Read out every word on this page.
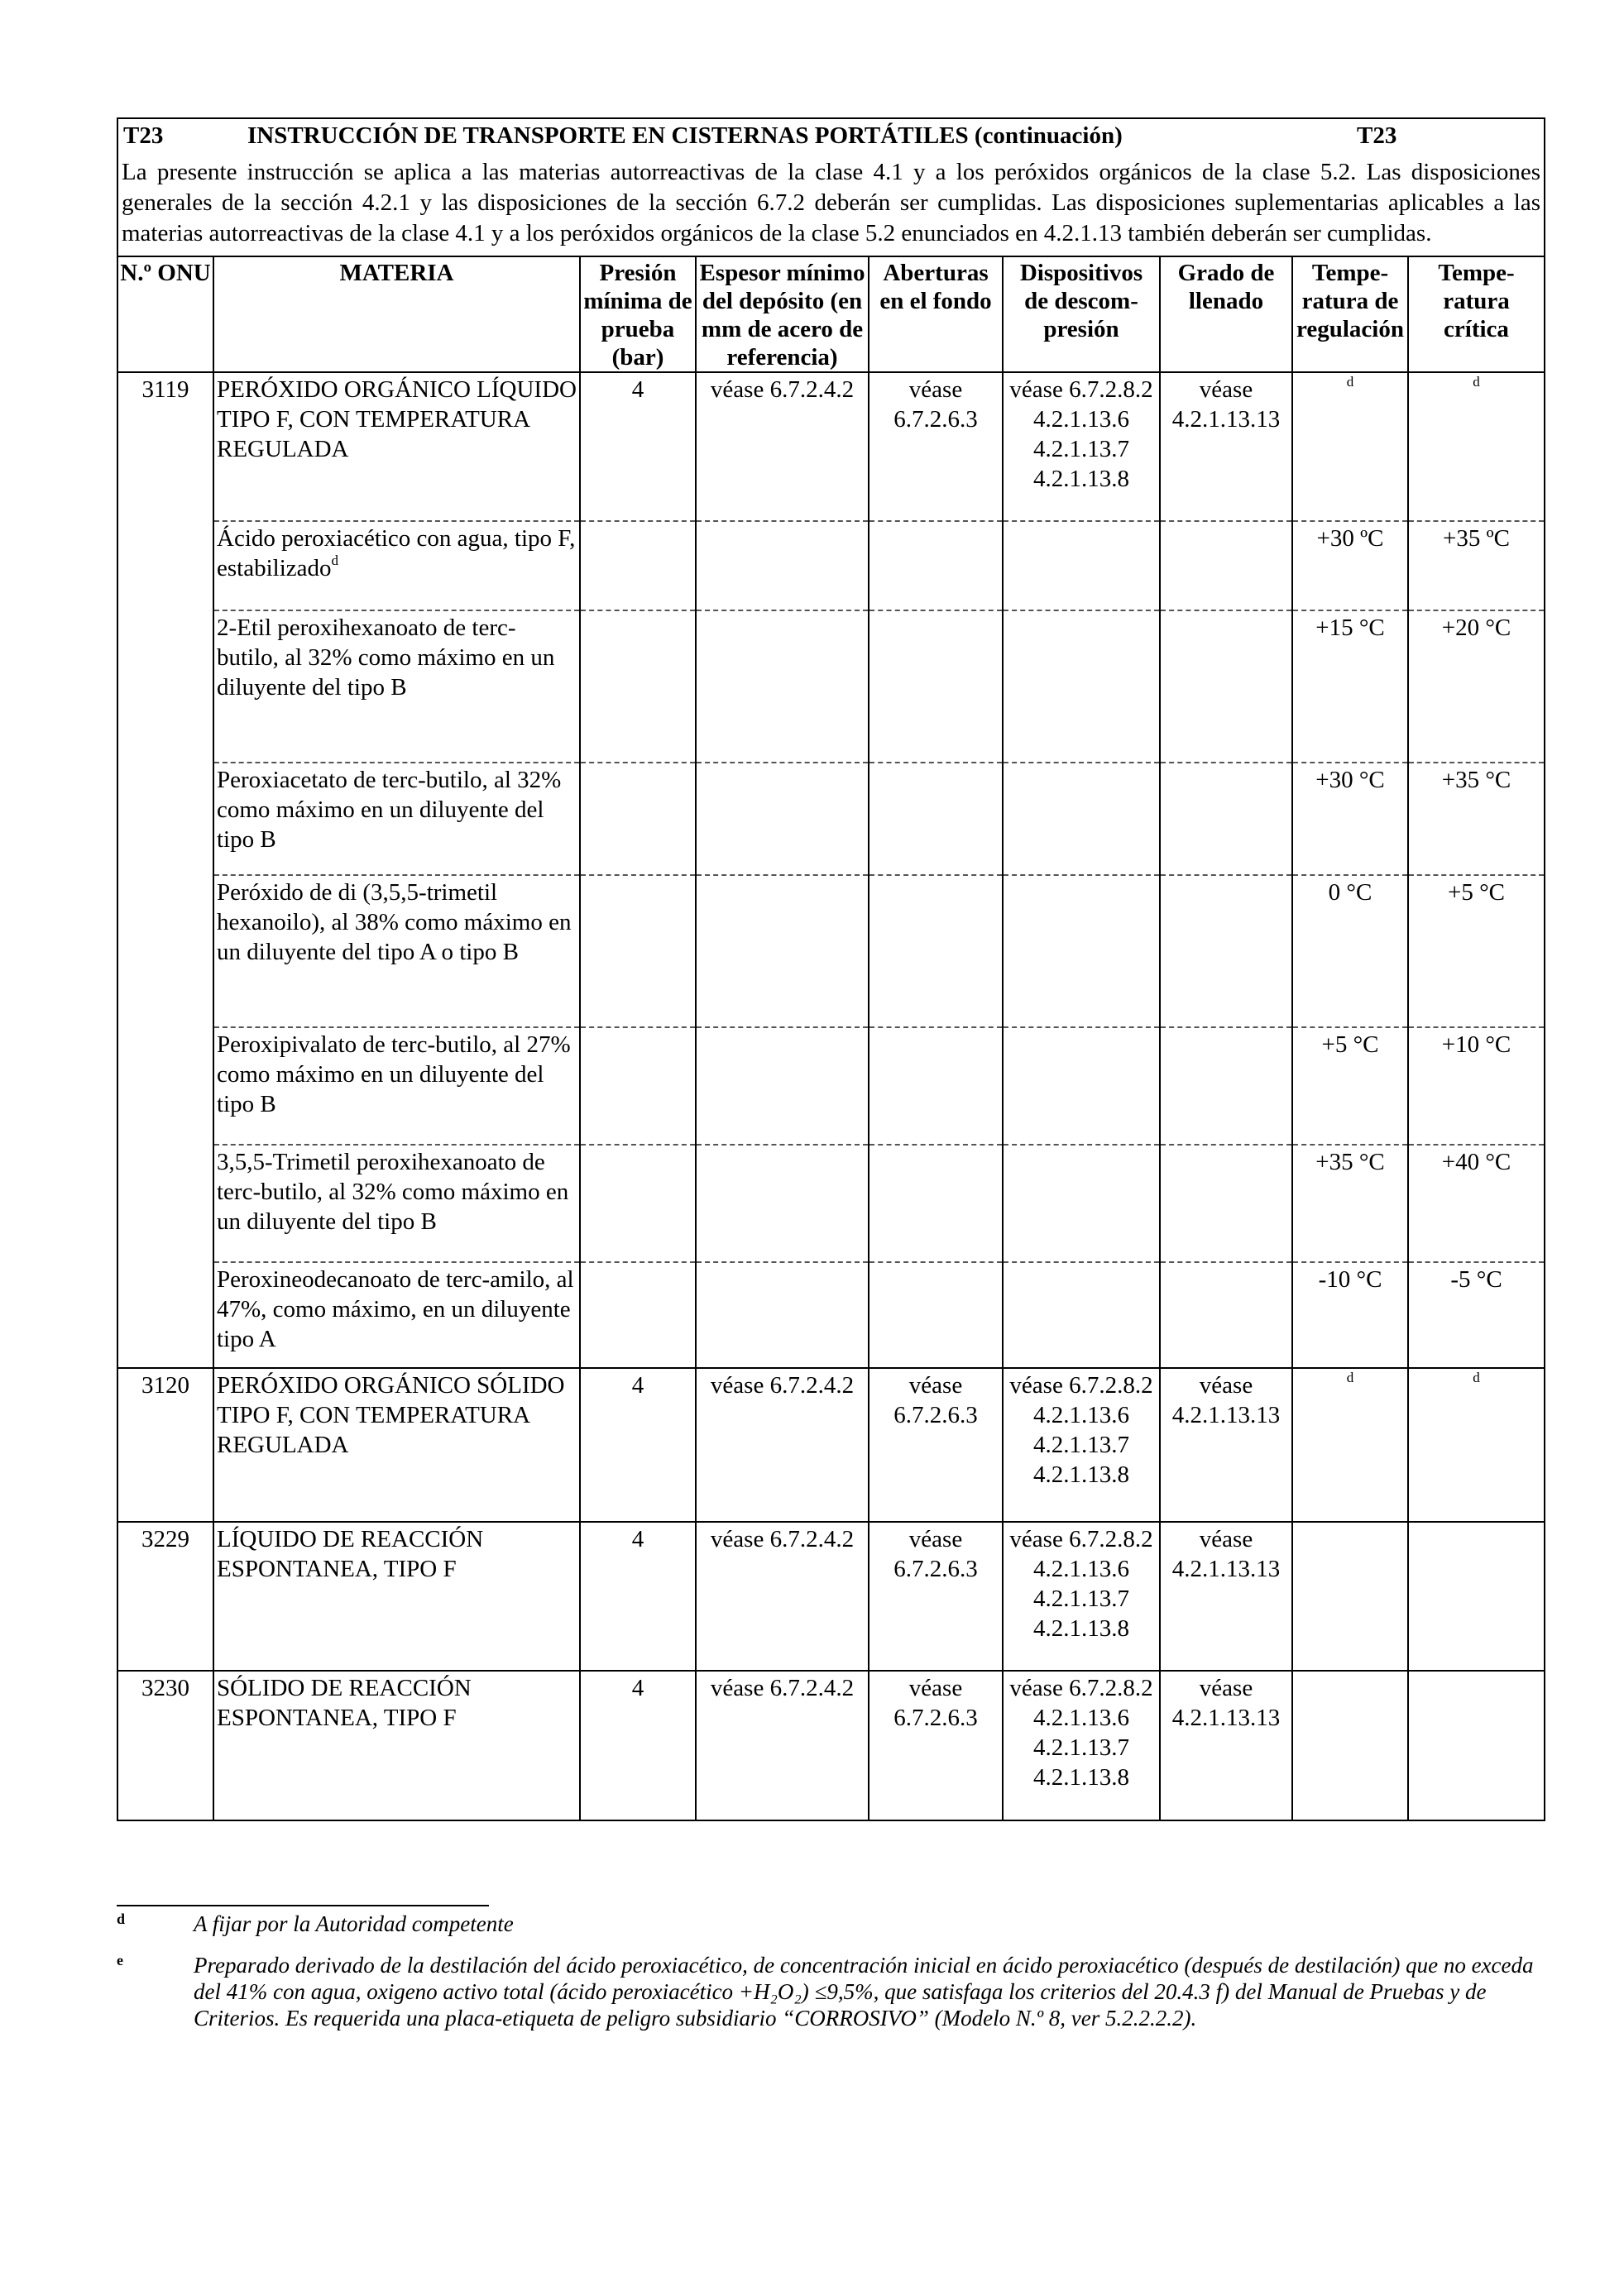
T23	INSTRUCCIÓN DE TRANSPORTE EN CISTERNAS PORTÁTILES (continuación)	T23
La presente instrucción se aplica a las materias autorreactivas de la clase 4.1 y a los peróxidos orgánicos de la clase 5.2. Las disposiciones generales de la sección 4.2.1 y las disposiciones de la sección 6.7.2 deberán ser cumplidas. Las disposiciones suplementarias aplicables a las materias autorreactivas de la clase 4.1 y a los peróxidos orgánicos de la clase 5.2 enunciados en 4.2.1.13 también deberán ser cumplidas.
N.º ONU	MATERIA	Presión mínima de prueba (bar)	Espesor mínimo del depósito (en mm de acero de referencia)	Aberturas en el fondo	Dispositivos de descom-presión	Grado de llenado	Tempe-ratura de regulación	Tempe-ratura crítica
3119	PERÓXIDO ORGÁNICO LÍQUIDO TIPO F, CON TEMPERATURA REGULADA	4	véase 6.7.2.4.2	véase 6.7.2.6.3	véase 6.7.2.8.2 4.2.1.13.6 4.2.1.13.7 4.2.1.13.8	véase 4.2.1.13.13	$^d$	$^d$
	Ácido peroxiacético con agua, tipo F, estabilizado$^d$						+30 ºC	+35 ºC
	2-Etil peroxihexanoato de terc-butilo, al 32% como máximo en un diluyente del tipo B						+15 °C	+20 °C
	Peroxiacetato de terc-butilo, al 32% como máximo en un diluyente del tipo B						+30 °C	+35 °C
	Peróxido de di (3,5,5-trimetil hexanoilo), al 38% como máximo en un diluyente del tipo A o tipo B						0 °C	+5 °C
	Peroxipivalato de terc-butilo, al 27% como máximo en un diluyente del tipo B						+5 °C	+10 °C
	3,5,5-Trimetil peroxihexanoato de terc-butilo, al 32% como máximo en un diluyente del tipo B						+35 °C	+40 °C
	Peroxineodecanoato de terc-amilo, al 47%, como máximo, en un diluyente tipo A						-10 °C	-5 °C
3120	PERÓXIDO ORGÁNICO SÓLIDO TIPO F, CON TEMPERATURA REGULADA	4	véase 6.7.2.4.2	véase 6.7.2.6.3	véase 6.7.2.8.2 4.2.1.13.6 4.2.1.13.7 4.2.1.13.8	véase 4.2.1.13.13	$^d$	$^d$
3229	LÍQUIDO DE REACCIÓN ESPONTANEA, TIPO F	4	véase 6.7.2.4.2	véase 6.7.2.6.3	véase 6.7.2.8.2 4.2.1.13.6 4.2.1.13.7 4.2.1.13.8	véase 4.2.1.13.13		
3230	SÓLIDO DE REACCIÓN ESPONTANEA, TIPO F	4	véase 6.7.2.4.2	véase 6.7.2.6.3	véase 6.7.2.8.2 4.2.1.13.6 4.2.1.13.7 4.2.1.13.8	véase 4.2.1.13.13		
d	A fijar por la Autoridad competente
e	Preparado derivado de la destilación del ácido peroxiacético, de concentración inicial en ácido peroxiacético (después de destilación) que no exceda del 41% con agua, oxigeno activo total (ácido peroxiacético +H₂O₂) ≤9,5%, que satisfaga los criterios del 20.4.3 f) del Manual de Pruebas y de Criterios. Es requerida una placa-etiqueta de peligro subsidiario “CORROSIVO” (Modelo N.º 8, ver 5.2.2.2.2).
